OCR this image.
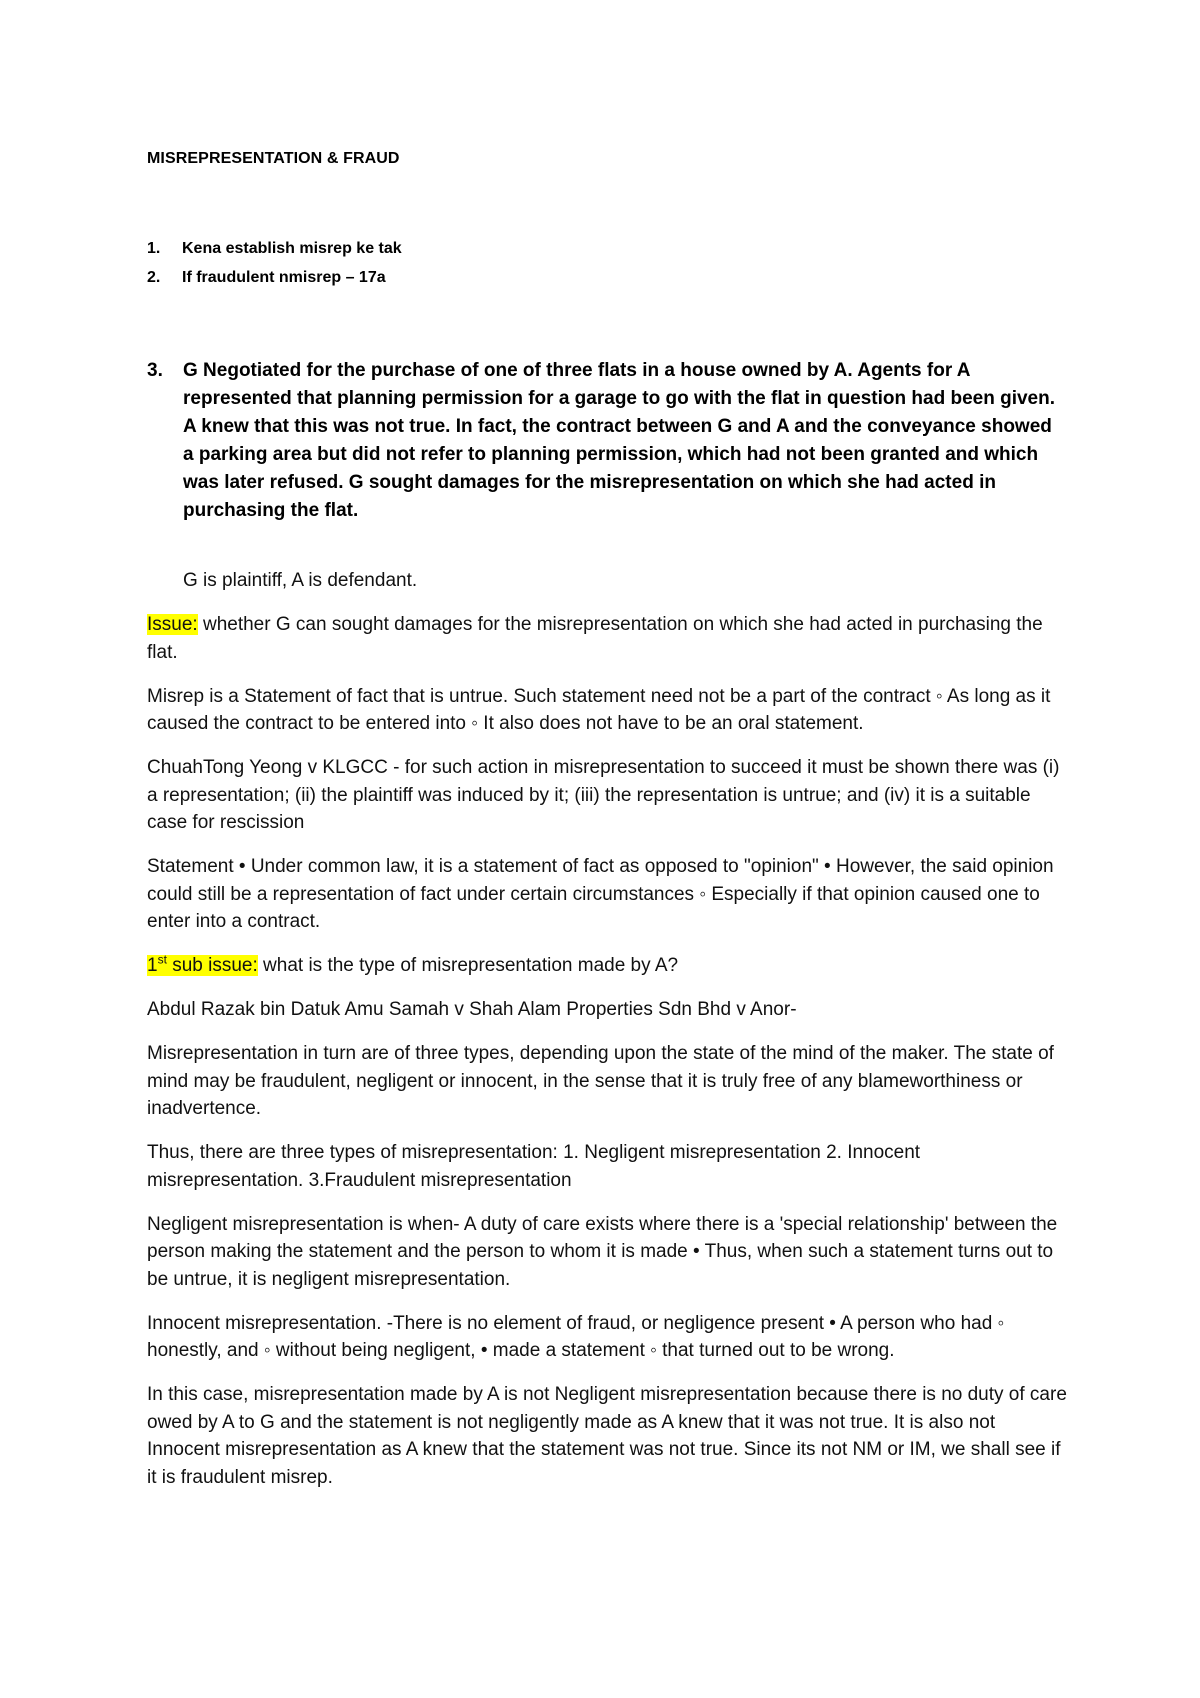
MISREPRESENTATION & FRAUD
1.	Kena establish misrep ke tak
2.	If fraudulent nmisrep – 17a
3.	G Negotiated for the purchase of one of three flats in a house owned by A. Agents for A represented that planning permission for a garage to go with the flat in question had been given. A knew that this was not true. In fact, the contract between G and A and the conveyance showed a parking area but did not refer to planning permission, which had not been granted and which was later refused. G sought damages for the misrepresentation on which she had acted in purchasing the flat.

G is plaintiff, A is defendant.

Issue: whether G can sought damages for the misrepresentation on which she had acted in purchasing the flat.

Misrep is a Statement of fact that is untrue. Such statement need not be a part of the contract ◦ As long as it caused the contract to be entered into ◦ It also does not have to be an oral statement.

ChuahTong Yeong v KLGCC - for such action in misrepresentation to succeed it must be shown there was (i) a representation; (ii) the plaintiff was induced by it; (iii) the representation is untrue; and (iv) it is a suitable case for rescission

Statement • Under common law, it is a statement of fact as opposed to "opinion" • However, the said opinion could still be a representation of fact under certain circumstances ◦ Especially if that opinion caused one to enter into a contract.

1st sub issue: what is the type of misrepresentation made by A?

Abdul Razak bin Datuk Amu Samah v Shah Alam Properties Sdn Bhd v Anor-

Misrepresentation in turn are of three types, depending upon the state of the mind of the maker. The state of mind may be fraudulent, negligent or innocent, in the sense that it is truly free of any blameworthiness or inadvertence.

Thus, there are three types of misrepresentation: 1. Negligent misrepresentation 2. Innocent misrepresentation. 3.Fraudulent misrepresentation

Negligent misrepresentation is when- A duty of care exists where there is a 'special relationship' between the person making the statement and the person to whom it is made • Thus, when such a statement turns out to be untrue, it is negligent misrepresentation.

Innocent misrepresentation. -There is no element of fraud, or negligence present • A person who had ◦ honestly, and ◦ without being negligent, • made a statement ◦ that turned out to be wrong.

In this case, misrepresentation made by A is not Negligent misrepresentation because there is no duty of care owed by A to G and the statement is not negligently made as A knew that it was not true. It is also not Innocent misrepresentation as A knew that the statement was not true. Since its not NM or IM, we shall see if it is fraudulent misrep.
